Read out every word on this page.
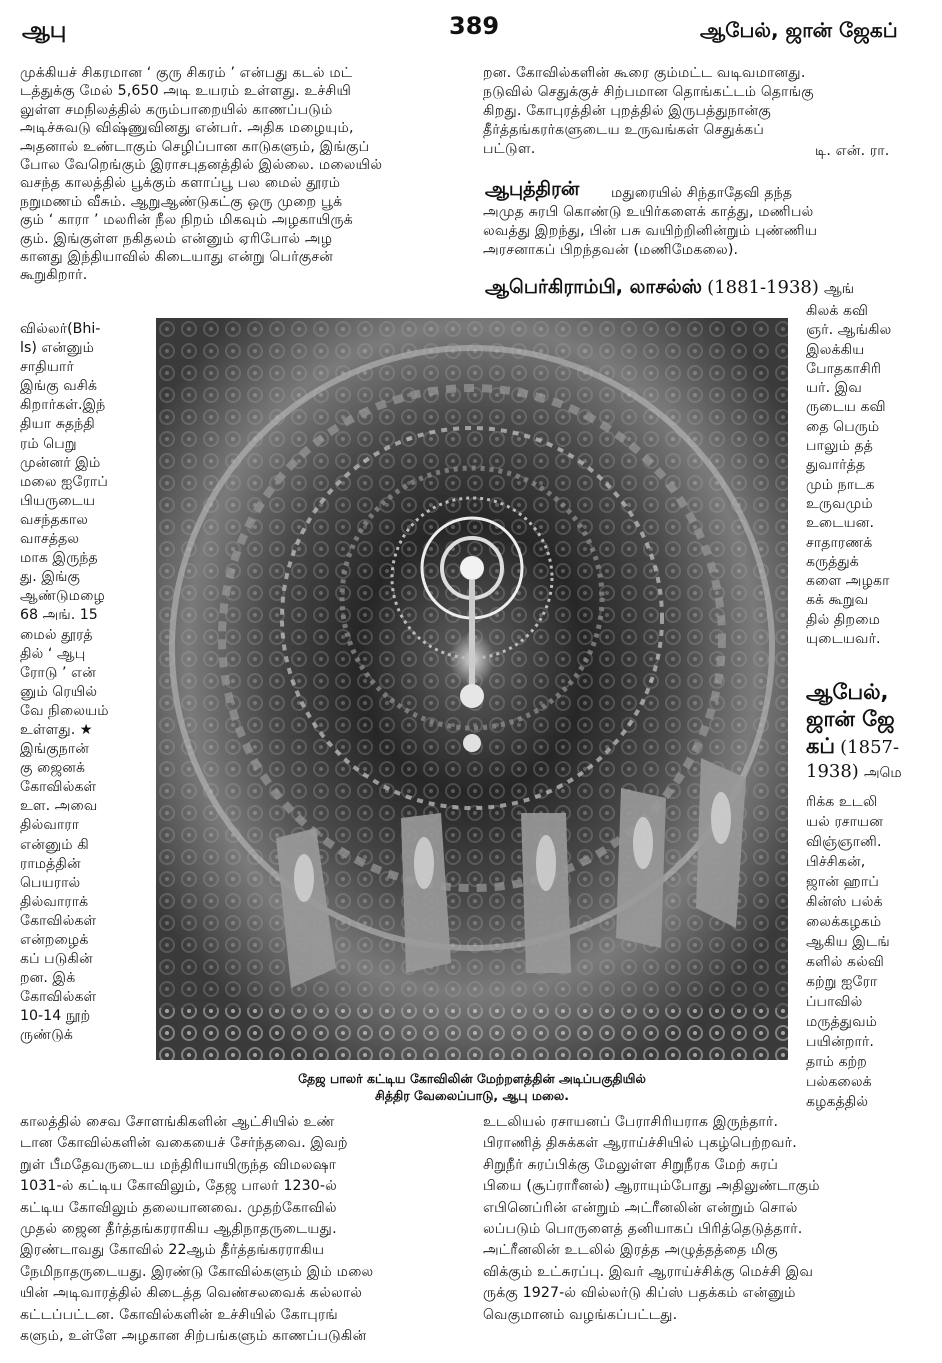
ஆபு	389	ஆபேல், ஜான் ஜேகப்
முக்கியச் சிகரமான ‘ குரு சிகரம் ’ என்பது கடல் மட்
டத்துக்கு மேல் 5,650 அடி உயரம் உள்ளது. உச்சியி
லுள்ள சமநிலத்தில் கரும்பாறையில் காணப்படும்
அடிச்சுவடு விஷ்ணுவினது என்பர். அதிக மழையும்,
அதனால் உண்டாகும் செழிப்பான காடுகளும், இங்குப்
போல வேறெங்கும் இராசபுதனத்தில் இல்லை. மலையில்
வசந்த காலத்தில் பூக்கும் களாப்பூ பல மைல் தூரம்
நறுமணம் வீசும். ஆறுஆண்டுகட்கு ஒரு முறை பூக்
கும் ‘ காரா ’ மலரின் நீல நிறம் மிகவும் அழகாயிருக்
கும். இங்குள்ள நகிதலம் என்னும் ஏரிபோல் அழ
கானது இந்தியாவில் கிடையாது என்று பெர்குசன்
கூறுகிறார்.
வில்லர்(Bhi-
ls) என்னும்
சாதியார்
இங்கு வசிக்
கிறார்கள்.இந்
தியா சுதந்தி
ரம் பெறு
முன்னர் இம்
மலை ஐரோப்
பியருடைய
வசந்தகால
வாசத்தல
மாக இருந்த
து. இங்கு
ஆண்டுமழை
68 அங். 15
மைல் தூரத்
தில் ‘ ஆபு
ரோடு ’ என்
னும் ரெயில்
வே நிலையம்
உள்ளது. ★
இங்குநான்
கு ஜைனக்
கோவில்கள்
உள. அவை
தில்வாரா
என்னும் கி
ராமத்தின்
பெயரால்
தில்வாராக்
கோவில்கள்
என்றழைக்
கப் படுகின்
றன. இக்
கோவில்கள்
10-14 நூற்
ருண்டுக்
தேஜ பாலர் கட்டிய கோவிலின் மேற்றளத்தின் அடிப்பகுதியில்
சித்திர வேலைப்பாடு, ஆபு மலை.
காலத்தில் சைவ சோளங்கிகளின் ஆட்சியில் உண்
டான கோவில்களின் வகையைச் சேர்ந்தவை. இவற்
றுள் பீமதேவருடைய மந்திரியாயிருந்த விமலஷா
1031-ல் கட்டிய கோவிலும், தேஜ பாலர் 1230-ல்
கட்டிய கோவிலும் தலையானவை. முதற்கோவில்
முதல் ஜைன தீர்த்தங்கரராகிய ஆதிநாதருடையது.
இரண்டாவது கோவில் 22ஆம் தீர்த்தங்கரராகிய
நேமிநாதருடையது. இரண்டு கோவில்களும் இம் மலை
யின் அடிவாரத்தில் கிடைத்த வெண்சலவைக் கல்லால்
கட்டப்பட்டன. கோவில்களின் உச்சியில் கோபுரங்
களும், உள்ளே அழகான சிற்பங்களும் காணப்படுகின்
றன. கோவில்களின் கூரை கும்மட்ட வடிவமானது.
நடுவில் செதுக்குச் சிற்பமான தொங்கட்டம் தொங்கு
கிறது. கோபுரத்தின் புறத்தில் இருபத்துநான்கு
தீர்த்தங்கரர்களுடைய உருவங்கள் செதுக்கப்
பட்டுள.	டி. என். ரா.
ஆபுத்திரன்	மதுரையில் சிந்தாதேவி தந்த
அமுத சுரபி கொண்டு உயிர்களைக் காத்து, மணிபல்
லவத்து இறந்து, பின் பசு வயிற்றினின்றும் புண்ணிய
அரசனாகப் பிறந்தவன் (மணிமேகலை).
ஆபெர்கிராம்பி, லாசல்ஸ் (1881-1938) ஆங்
கிலக் கவி
ஞர். ஆங்கில
இலக்கிய
போதகாசிரி
யர். இவ
ருடைய கவி
தை பெரும்
பாலும் தத்
துவார்த்த
மும் நாடக
உருவமும்
உடையன.
சாதாரணக்
கருத்துக்
களை அழகா
கக் கூறுவ
தில் திறமை
யுடையவர்.
ஆபேல்,
ஜான் ஜே
கப் (1857-
1938) அமெ
ரிக்க உடலி
யல் ரசாயன
விஞ்ஞானி.
பிச்சிகன்,
ஜான் ஹாப்
கின்ஸ் பல்க்
லைக்கழகம்
ஆகிய இடங்
களில் கல்வி
கற்று ஐரோ
ப்பாவில்
மருத்துவம்
பயின்றார்.
தாம் கற்ற
பல்கலைக்
கழகத்தில்
உடலியல் ரசாயனப் பேராசிரியராக இருந்தார்.
பிராணித் திசுக்கள் ஆராய்ச்சியில் புகழ்பெற்றவர்.
சிறுநீர் சுரப்பிக்கு மேலுள்ள சிறுநீரக மேற் சுரப்
பியை (சூப்ராரீனல்) ஆராயும்போது அதிலுண்டாகும்
எபினெப்ரின் என்றும் அட்ரீனலின் என்றும் சொல்
லப்படும் பொருளைத் தனியாகப் பிரித்தெடுத்தார்.
அட்ரீனலின் உடலில் இரத்த அழுத்தத்தை மிகு
விக்கும் உட்சுரப்பு. இவர் ஆராய்ச்சிக்கு மெச்சி இவ
ருக்கு 1927-ல் வில்லர்டு கிப்ஸ் பதக்கம் என்னும்
வெகுமானம் வழங்கப்பட்டது.
